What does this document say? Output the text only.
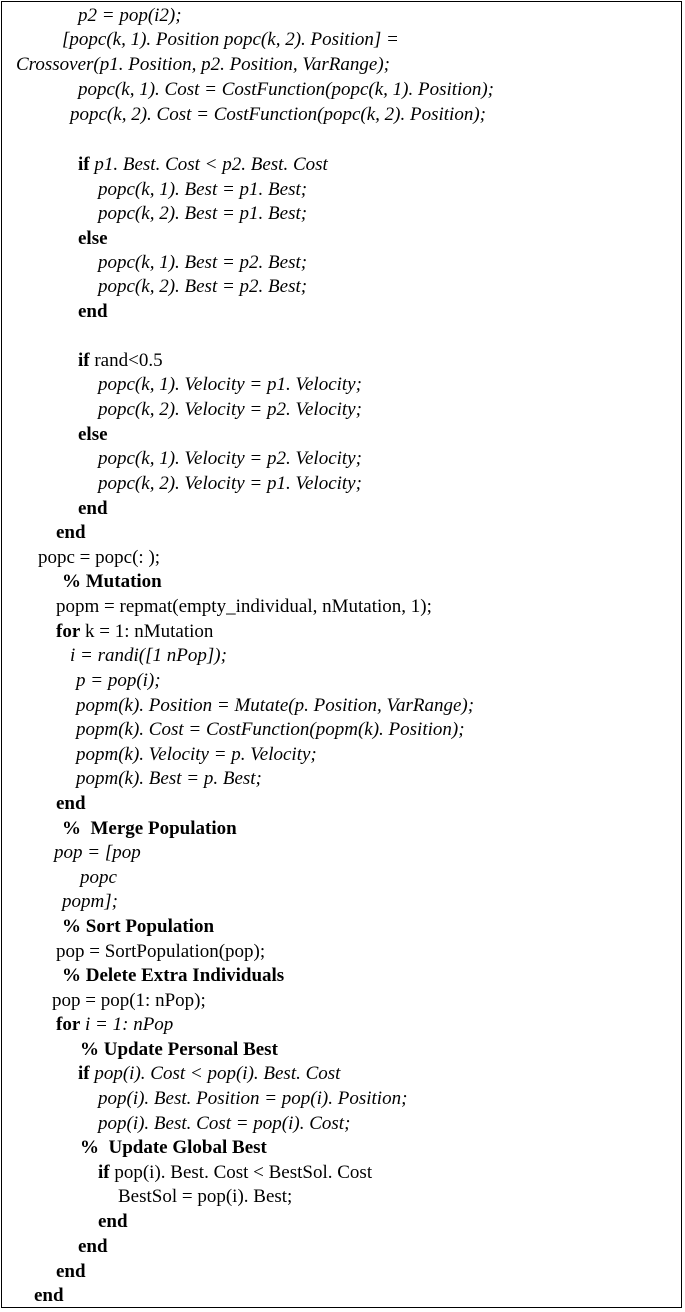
p2 = pop(i2);
[popc(k, 1). Position popc(k, 2). Position] =
Crossover(p1. Position, p2. Position, VarRange);
popc(k, 1). Cost = CostFunction(popc(k, 1). Position);
popc(k, 2). Cost = CostFunction(popc(k, 2). Position);
if p1. Best. Cost < p2. Best. Cost
popc(k, 1). Best = p1. Best;
popc(k, 2). Best = p1. Best;
else
popc(k, 1). Best = p2. Best;
popc(k, 2). Best = p2. Best;
end
if rand<0.5
popc(k, 1). Velocity = p1. Velocity;
popc(k, 2). Velocity = p2. Velocity;
else
popc(k, 1). Velocity = p2. Velocity;
popc(k, 2). Velocity = p1. Velocity;
end
end
popc = popc(: );
% Mutation
popm = repmat(empty_individual, nMutation, 1);
for k = 1: nMutation
i = randi([1 nPop]);
p = pop(i);
popm(k). Position = Mutate(p. Position, VarRange);
popm(k). Cost = CostFunction(popm(k). Position);
popm(k). Velocity = p. Velocity;
popm(k). Best = p. Best;
end
%  Merge Population
pop = [pop
popc
popm];
% Sort Population
pop = SortPopulation(pop);
% Delete Extra Individuals
pop = pop(1: nPop);
for i = 1: nPop
% Update Personal Best
if pop(i). Cost < pop(i). Best. Cost
pop(i). Best. Position = pop(i). Position;
pop(i). Best. Cost = pop(i). Cost;
%  Update Global Best
if pop(i). Best. Cost < BestSol. Cost
BestSol = pop(i). Best;
end
end
end
end
